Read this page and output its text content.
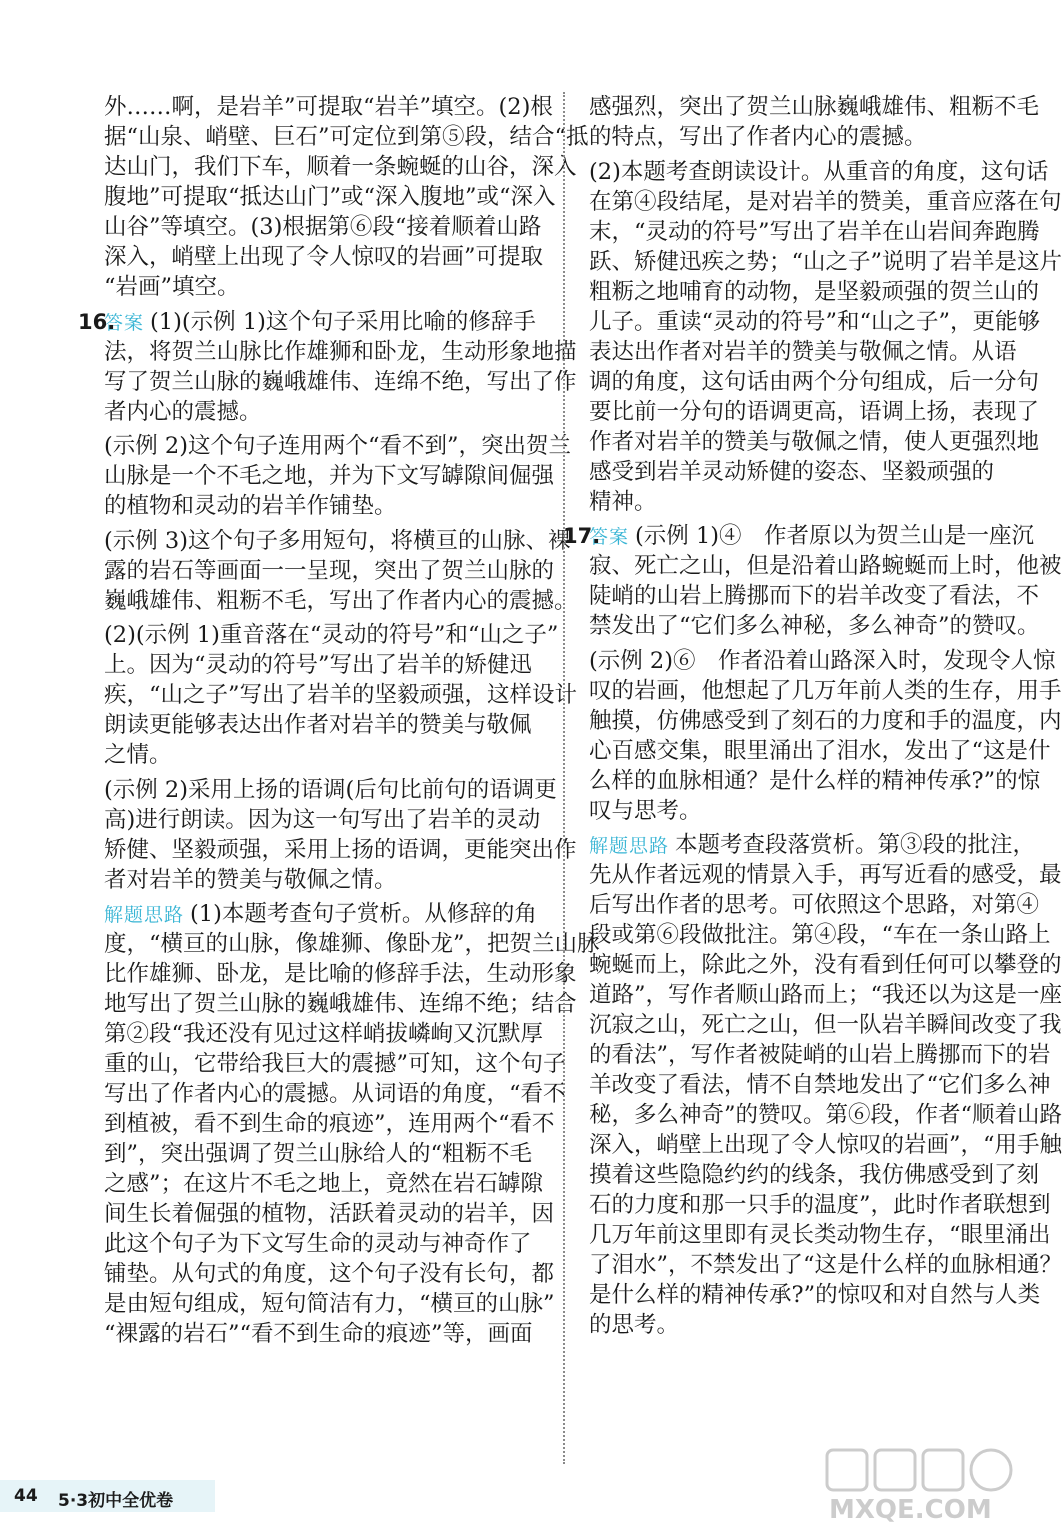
外……啊，是岩羊”可提取“岩羊”填空。(2)根
据“山泉、峭壁、巨石”可定位到第⑤段，结合“抵
达山门，我们下车，顺着一条蜿蜒的山谷，深入
腹地”可提取“抵达山门”或“深入腹地”或“深入
山谷”等填空。(3)根据第⑥段“接着顺着山路
深入，峭壁上出现了令人惊叹的岩画”可提取
“岩画”填空。
16.
答案 (1)(示例 1)这个句子采用比喻的修辞手
法，将贺兰山脉比作雄狮和卧龙，生动形象地描
写了贺兰山脉的巍峨雄伟、连绵不绝，写出了作
者内心的震撼。
(示例 2)这个句子连用两个“看不到”，突出贺兰
山脉是一个不毛之地，并为下文写罅隙间倔强
的植物和灵动的岩羊作铺垫。
(示例 3)这个句子多用短句，将横亘的山脉、裸
露的岩石等画面一一呈现，突出了贺兰山脉的
巍峨雄伟、粗粝不毛，写出了作者内心的震撼。
(2)(示例 1)重音落在“灵动的符号”和“山之子”
上。因为“灵动的符号”写出了岩羊的矫健迅
疾，“山之子”写出了岩羊的坚毅顽强，这样设计
朗读更能够表达出作者对岩羊的赞美与敬佩
之情。
(示例 2)采用上扬的语调(后句比前句的语调更
高)进行朗读。因为这一句写出了岩羊的灵动
矫健、坚毅顽强，采用上扬的语调，更能突出作
者对岩羊的赞美与敬佩之情。
解题思路 (1)本题考查句子赏析。从修辞的角
度，“横亘的山脉，像雄狮、像卧龙”，把贺兰山脉
比作雄狮、卧龙，是比喻的修辞手法，生动形象
地写出了贺兰山脉的巍峨雄伟、连绵不绝；结合
第②段“我还没有见过这样峭拔嶙峋又沉默厚
重的山，它带给我巨大的震撼”可知，这个句子
写出了作者内心的震撼。从词语的角度，“看不
到植被，看不到生命的痕迹”，连用两个“看不
到”，突出强调了贺兰山脉给人的“粗粝不毛
之感”；在这片不毛之地上，竟然在岩石罅隙
间生长着倔强的植物，活跃着灵动的岩羊，因
此这个句子为下文写生命的灵动与神奇作了
铺垫。从句式的角度，这个句子没有长句，都
是由短句组成，短句简洁有力，“横亘的山脉”
“裸露的岩石”“看不到生命的痕迹”等，画面
感强烈，突出了贺兰山脉巍峨雄伟、粗粝不毛
的特点，写出了作者内心的震撼。
(2)本题考查朗读设计。从重音的角度，这句话
在第④段结尾，是对岩羊的赞美，重音应落在句
末，“灵动的符号”写出了岩羊在山岩间奔跑腾
跃、矫健迅疾之势；“山之子”说明了岩羊是这片
粗粝之地哺育的动物，是坚毅顽强的贺兰山的
儿子。重读“灵动的符号”和“山之子”，更能够
表达出作者对岩羊的赞美与敬佩之情。从语
调的角度，这句话由两个分句组成，后一分句
要比前一分句的语调更高，语调上扬，表现了
作者对岩羊的赞美与敬佩之情，使人更强烈地
感受到岩羊灵动矫健的姿态、坚毅顽强的
精神。
17.
答案 (示例 1)④　作者原以为贺兰山是一座沉
寂、死亡之山，但是沿着山路蜿蜒而上时，他被
陡峭的山岩上腾挪而下的岩羊改变了看法，不
禁发出了“它们多么神秘，多么神奇”的赞叹。
(示例 2)⑥　作者沿着山路深入时，发现令人惊
叹的岩画，他想起了几万年前人类的生存，用手
触摸，仿佛感受到了刻石的力度和手的温度，内
心百感交集，眼里涌出了泪水，发出了“这是什
么样的血脉相通？是什么样的精神传承?”的惊
叹与思考。
解题思路 本题考查段落赏析。第③段的批注，
先从作者远观的情景入手，再写近看的感受，最
后写出作者的思考。可依照这个思路，对第④
段或第⑥段做批注。第④段，“车在一条山路上
蜿蜒而上，除此之外，没有看到任何可以攀登的
道路”，写作者顺山路而上；“我还以为这是一座
沉寂之山，死亡之山，但一队岩羊瞬间改变了我
的看法”，写作者被陡峭的山岩上腾挪而下的岩
羊改变了看法，情不自禁地发出了“它们多么神
秘，多么神奇”的赞叹。第⑥段，作者“顺着山路
深入，峭壁上出现了令人惊叹的岩画”，“用手触
摸着这些隐隐约约的线条，我仿佛感受到了刻
石的力度和那一只手的温度”，此时作者联想到
几万年前这里即有灵长类动物生存，“眼里涌出
了泪水”，不禁发出了“这是什么样的血脉相通？
是什么样的精神传承?”的惊叹和对自然与人类
的思考。
44 5·3初中全优卷	MXQE.COM
